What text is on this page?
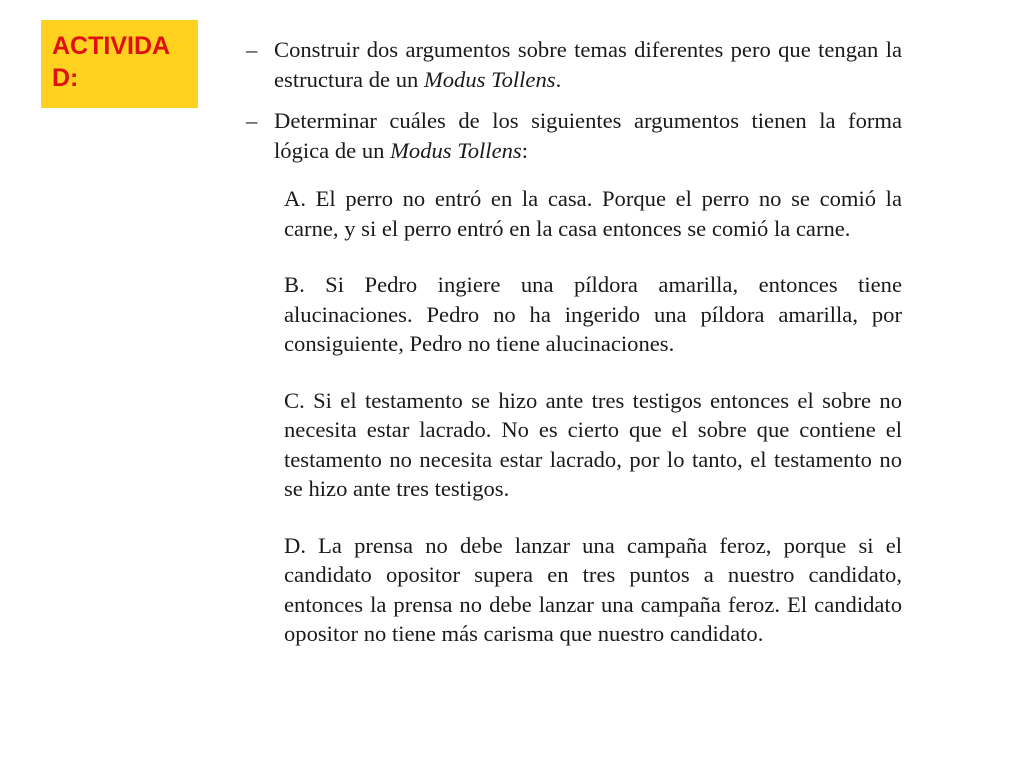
ACTIVIDAD:
– Construir dos argumentos sobre temas diferentes pero que tengan la estructura de un Modus Tollens.
– Determinar cuáles de los siguientes argumentos tienen la forma lógica de un Modus Tollens:

A. El perro no entró en la casa. Porque el perro no se comió la carne, y si el perro entró en la casa entonces se comió la carne.

B. Si Pedro ingiere una píldora amarilla, entonces tiene alucinaciones. Pedro no ha ingerido una píldora amarilla, por consiguiente, Pedro no tiene alucinaciones.

C. Si el testamento se hizo ante tres testigos entonces el sobre no necesita estar lacrado. No es cierto que el sobre que contiene el testamento no necesita estar lacrado, por lo tanto, el testamento no se hizo ante tres testigos.

D. La prensa no debe lanzar una campaña feroz, porque si el candidato opositor supera en tres puntos a nuestro candidato, entonces la prensa no debe lanzar una campaña feroz. El candidato opositor no tiene más carisma que nuestro candidato.
